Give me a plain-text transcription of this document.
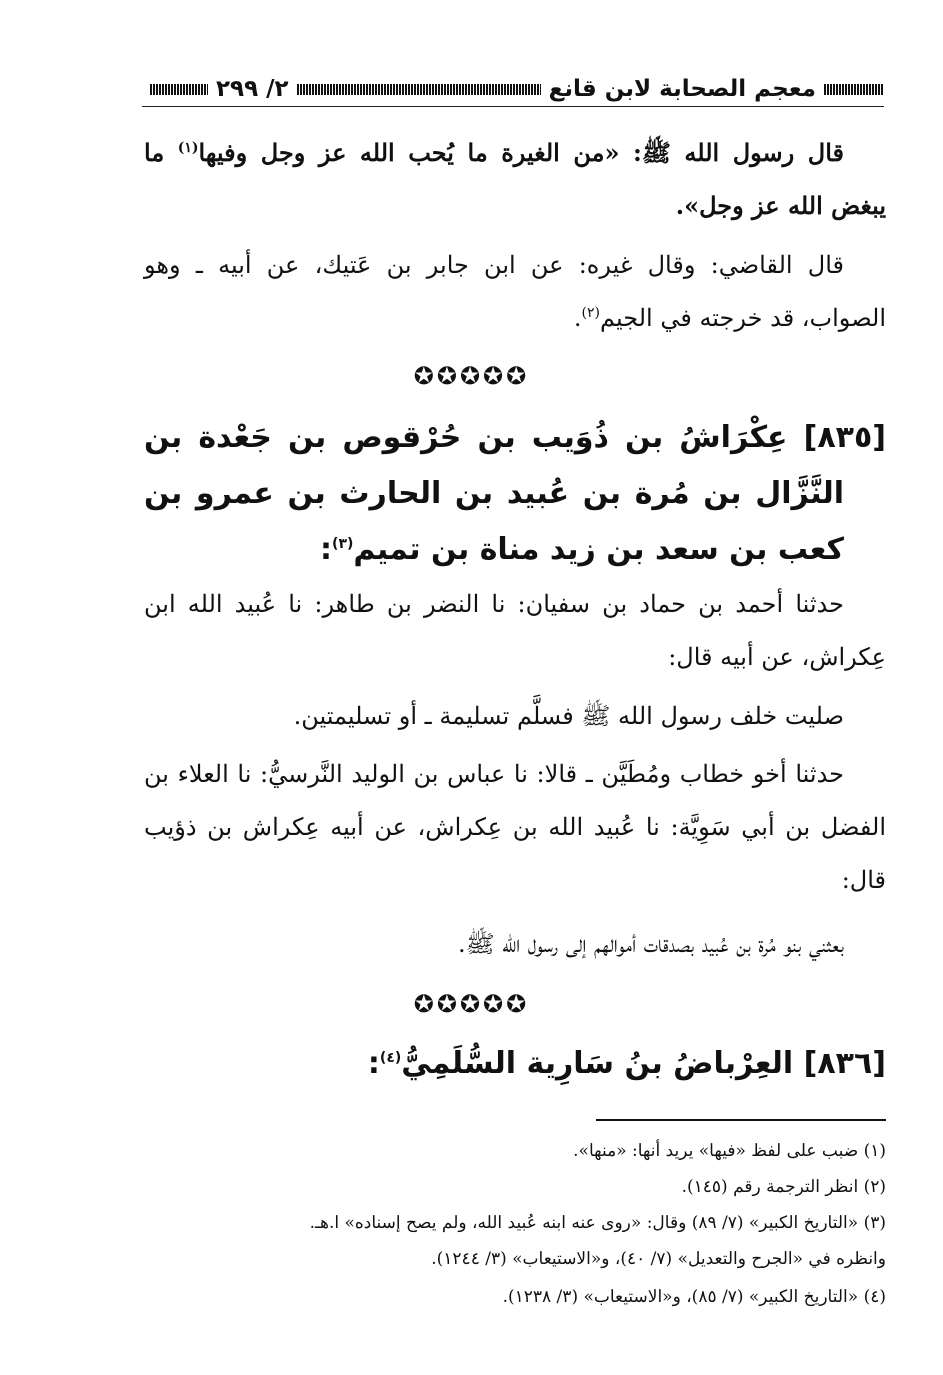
معجم الصحابة لابن قانع
٢/ ٢٩٩

قال رسول الله ﷺ: «من الغيرة ما يُحب الله عز وجل وفيها$^{(١)}$ ما يبغض الله عز وجل».

قال القاضي: وقال غيره: عن ابن جابر بن عَتيك، عن أبيه ـ وهو الصواب، قد خرجته في الجيم$^{(٢)}$.

✪✪✪✪✪

[٨٣٥] عِكْرَاشُ بن ذُوَيب بن حُرْقوص بن جَعْدة بن النَّزَّال بن مُرة بن عُبيد بن الحارث بن عمرو بن كعب بن سعد بن زيد مناة بن تميم$^{(٣)}$:

حدثنا أحمد بن حماد بن سفيان: نا النضر بن طاهر: نا عُبيد الله ابن عِكراش، عن أبيه قال:

صليت خلف رسول الله ﷺ فسلَّم تسليمة ـ أو تسليمتين.

حدثنا أخو خطاب ومُطَيَّن ـ قالا: نا عباس بن الوليد النَّرسيُّ: نا العلاء بن الفضل بن أبي سَوِيَّة: نا عُبيد الله بن عِكراش، عن أبيه عِكراش بن ذؤيب قال:

بعثني بنو مُرة بن عُبيد بصدقات أموالهم إلى رسول الله ﷺ.

✪✪✪✪✪

[٨٣٦] العِرْباضُ بنُ سَارِية السُّلَمِيُّ$^{(٤)}$:

(١) ضبب على لفظ «فيها» يريد أنها: «منها».

(٢) انظر الترجمة رقم (١٤٥).

(٣) «التاريخ الكبير» (٧/ ٨٩) وقال: «روى عنه ابنه عُبيد الله، ولم يصح إسناده» ا.هـ.

وانظره في «الجرح والتعديل» (٧/ ٤٠)، و«الاستيعاب» (٣/ ١٢٤٤).

(٤) «التاريخ الكبير» (٧/ ٨٥)، و«الاستيعاب» (٣/ ١٢٣٨).
